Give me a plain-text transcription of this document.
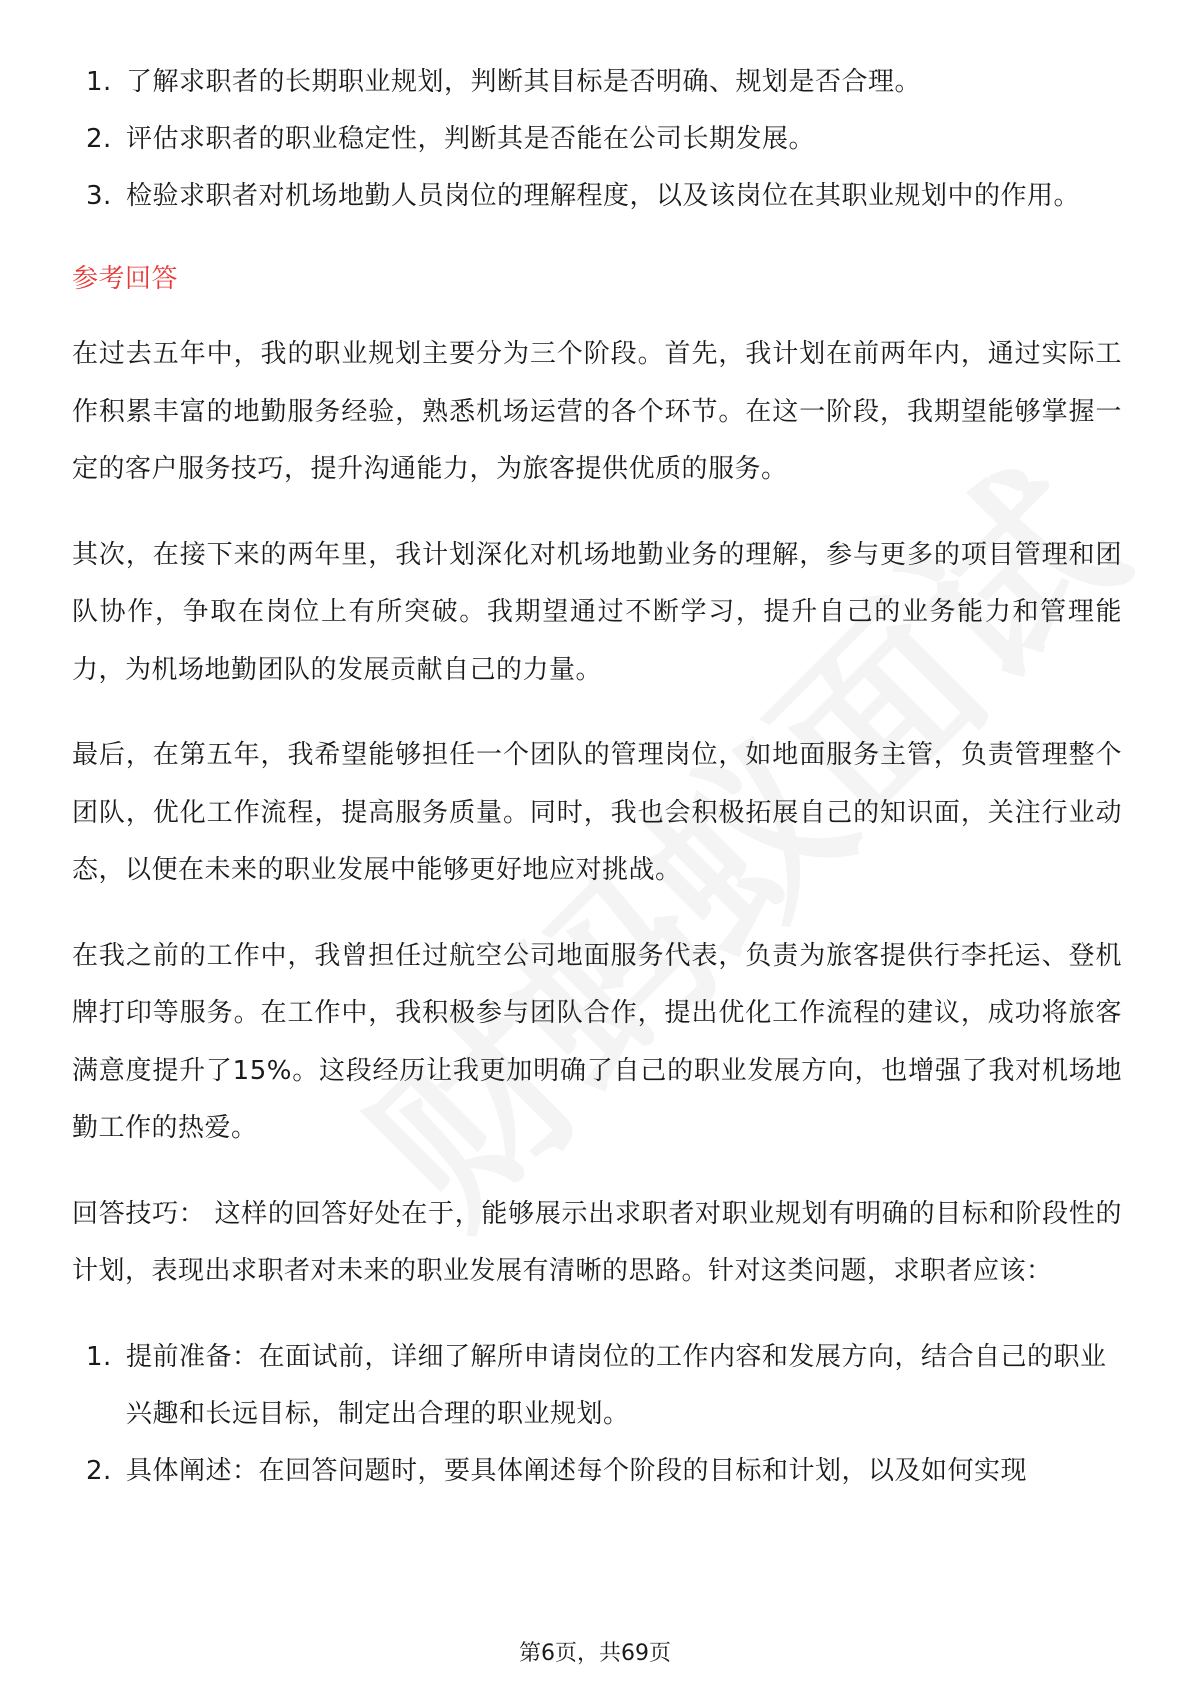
1. 了解求职者的长期职业规划，判断其目标是否明确、规划是否合理。
2. 评估求职者的职业稳定性，判断其是否能在公司长期发展。
3. 检验求职者对机场地勤人员岗位的理解程度，以及该岗位在其职业规划中的作用。
参考回答

在过去五年中，我的职业规划主要分为三个阶段。首先，我计划在前两年内，通过实际工作积累丰富的地勤服务经验，熟悉机场运营的各个环节。在这一阶段，我期望能够掌握一定的客户服务技巧，提升沟通能力，为旅客提供优质的服务。

其次，在接下来的两年里，我计划深化对机场地勤业务的理解，参与更多的项目管理和团队协作，争取在岗位上有所突破。我期望通过不断学习，提升自己的业务能力和管理能力，为机场地勤团队的发展贡献自己的力量。

最后，在第五年，我希望能够担任一个团队的管理岗位，如地面服务主管，负责管理整个团队，优化工作流程，提高服务质量。同时，我也会积极拓展自己的知识面，关注行业动态，以便在未来的职业发展中能够更好地应对挑战。

在我之前的工作中，我曾担任过航空公司地面服务代表，负责为旅客提供行李托运、登机牌打印等服务。在工作中，我积极参与团队合作，提出优化工作流程的建议，成功将旅客满意度提升了15%。这段经历让我更加明确了自己的职业发展方向，也增强了我对机场地勤工作的热爱。

回答技巧： 这样的回答好处在于，能够展示出求职者对职业规划有明确的目标和阶段性的计划，表现出求职者对未来的职业发展有清晰的思路。针对这类问题，求职者应该：

1. 提前准备：在面试前，详细了解所申请岗位的工作内容和发展方向，结合自己的职业兴趣和长远目标，制定出合理的职业规划。
2. 具体阐述：在回答问题时，要具体阐述每个阶段的目标和计划，以及如何实现
第6页，共69页
